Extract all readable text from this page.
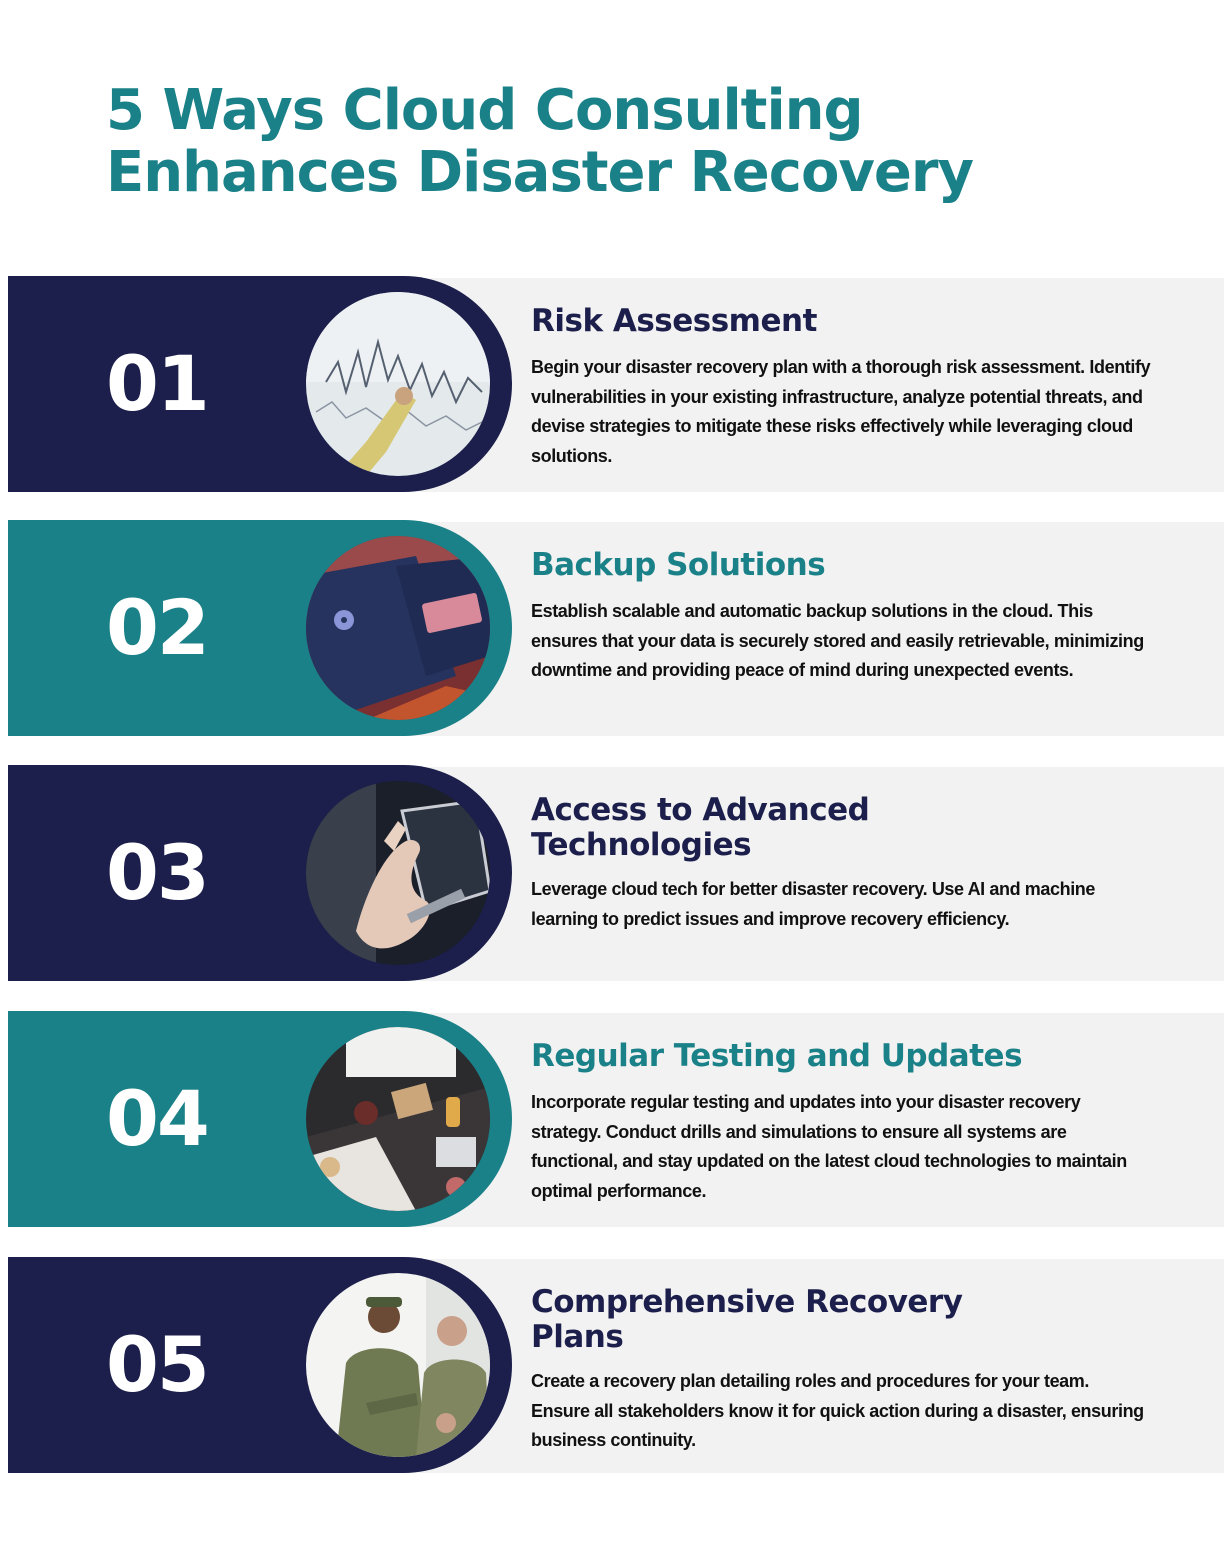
5 Ways Cloud Consulting
Enhances Disaster Recovery
01
Risk Assessment

Begin your disaster recovery plan with a thorough risk assessment. Identify vulnerabilities in your existing infrastructure, analyze potential threats, and devise strategies to mitigate these risks effectively while leveraging cloud solutions.

02
Backup Solutions

Establish scalable and automatic backup solutions in the cloud. This ensures that your data is securely stored and easily retrievable, minimizing downtime and providing peace of mind during unexpected events.

03
Access to Advanced Technologies

Leverage cloud tech for better disaster recovery. Use AI and machine learning to predict issues and improve recovery efficiency.

04
Regular Testing and Updates

Incorporate regular testing and updates into your disaster recovery strategy. Conduct drills and simulations to ensure all systems are functional, and stay updated on the latest cloud technologies to maintain optimal performance.

05
Comprehensive Recovery Plans

Create a recovery plan detailing roles and procedures for your team. Ensure all stakeholders know it for quick action during a disaster, ensuring business continuity.
